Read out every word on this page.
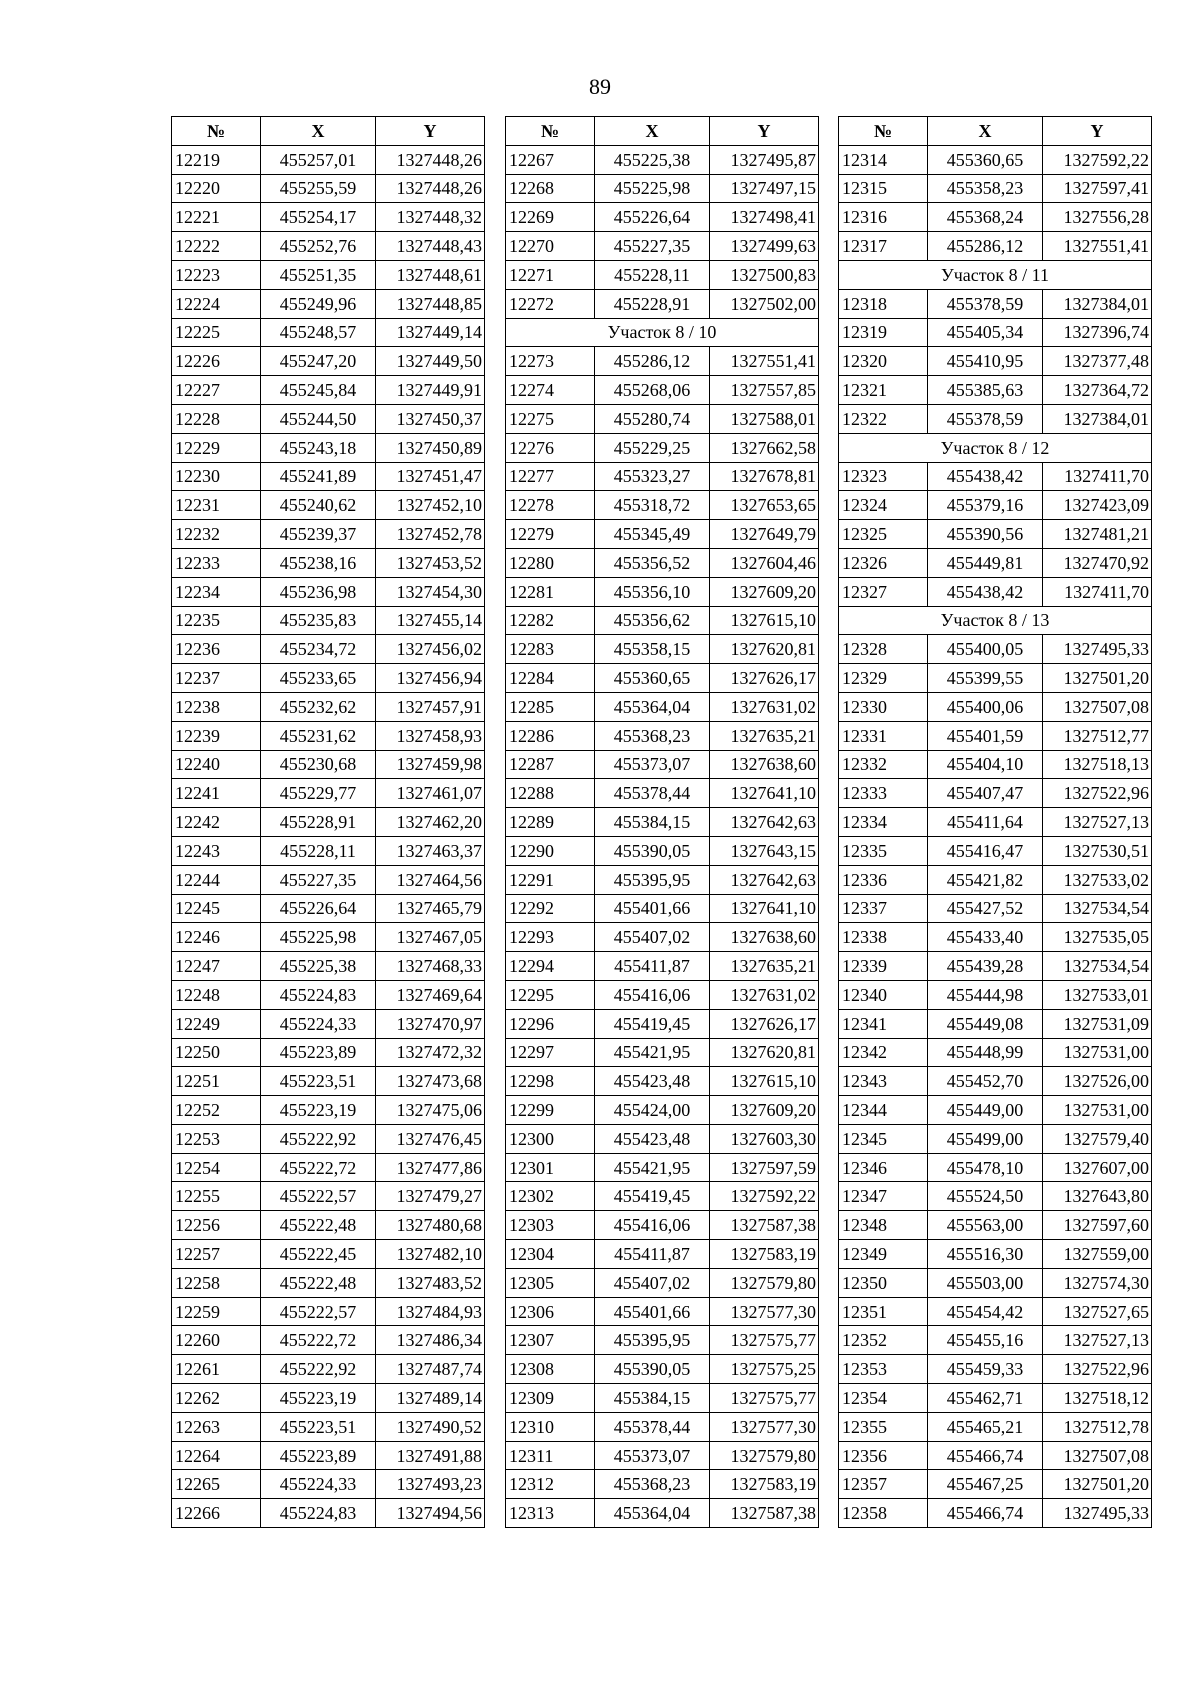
89
№	X	Y
12219	455257,01	1327448,26
12220	455255,59	1327448,26
12221	455254,17	1327448,32
12222	455252,76	1327448,43
12223	455251,35	1327448,61
12224	455249,96	1327448,85
12225	455248,57	1327449,14
12226	455247,20	1327449,50
12227	455245,84	1327449,91
12228	455244,50	1327450,37
12229	455243,18	1327450,89
12230	455241,89	1327451,47
12231	455240,62	1327452,10
12232	455239,37	1327452,78
12233	455238,16	1327453,52
12234	455236,98	1327454,30
12235	455235,83	1327455,14
12236	455234,72	1327456,02
12237	455233,65	1327456,94
12238	455232,62	1327457,91
12239	455231,62	1327458,93
12240	455230,68	1327459,98
12241	455229,77	1327461,07
12242	455228,91	1327462,20
12243	455228,11	1327463,37
12244	455227,35	1327464,56
12245	455226,64	1327465,79
12246	455225,98	1327467,05
12247	455225,38	1327468,33
12248	455224,83	1327469,64
12249	455224,33	1327470,97
12250	455223,89	1327472,32
12251	455223,51	1327473,68
12252	455223,19	1327475,06
12253	455222,92	1327476,45
12254	455222,72	1327477,86
12255	455222,57	1327479,27
12256	455222,48	1327480,68
12257	455222,45	1327482,10
12258	455222,48	1327483,52
12259	455222,57	1327484,93
12260	455222,72	1327486,34
12261	455222,92	1327487,74
12262	455223,19	1327489,14
12263	455223,51	1327490,52
12264	455223,89	1327491,88
12265	455224,33	1327493,23
12266	455224,83	1327494,56
№	X	Y
12267	455225,38	1327495,87
12268	455225,98	1327497,15
12269	455226,64	1327498,41
12270	455227,35	1327499,63
12271	455228,11	1327500,83
12272	455228,91	1327502,00
Участок 8 / 10		
12273	455286,12	1327551,41
12274	455268,06	1327557,85
12275	455280,74	1327588,01
12276	455229,25	1327662,58
12277	455323,27	1327678,81
12278	455318,72	1327653,65
12279	455345,49	1327649,79
12280	455356,52	1327604,46
12281	455356,10	1327609,20
12282	455356,62	1327615,10
12283	455358,15	1327620,81
12284	455360,65	1327626,17
12285	455364,04	1327631,02
12286	455368,23	1327635,21
12287	455373,07	1327638,60
12288	455378,44	1327641,10
12289	455384,15	1327642,63
12290	455390,05	1327643,15
12291	455395,95	1327642,63
12292	455401,66	1327641,10
12293	455407,02	1327638,60
12294	455411,87	1327635,21
12295	455416,06	1327631,02
12296	455419,45	1327626,17
12297	455421,95	1327620,81
12298	455423,48	1327615,10
12299	455424,00	1327609,20
12300	455423,48	1327603,30
12301	455421,95	1327597,59
12302	455419,45	1327592,22
12303	455416,06	1327587,38
12304	455411,87	1327583,19
12305	455407,02	1327579,80
12306	455401,66	1327577,30
12307	455395,95	1327575,77
12308	455390,05	1327575,25
12309	455384,15	1327575,77
12310	455378,44	1327577,30
12311	455373,07	1327579,80
12312	455368,23	1327583,19
12313	455364,04	1327587,38
№	X	Y
12314	455360,65	1327592,22
12315	455358,23	1327597,41
12316	455368,24	1327556,28
12317	455286,12	1327551,41
Участок 8 / 11		
12318	455378,59	1327384,01
12319	455405,34	1327396,74
12320	455410,95	1327377,48
12321	455385,63	1327364,72
12322	455378,59	1327384,01
Участок 8 / 12		
12323	455438,42	1327411,70
12324	455379,16	1327423,09
12325	455390,56	1327481,21
12326	455449,81	1327470,92
12327	455438,42	1327411,70
Участок 8 / 13		
12328	455400,05	1327495,33
12329	455399,55	1327501,20
12330	455400,06	1327507,08
12331	455401,59	1327512,77
12332	455404,10	1327518,13
12333	455407,47	1327522,96
12334	455411,64	1327527,13
12335	455416,47	1327530,51
12336	455421,82	1327533,02
12337	455427,52	1327534,54
12338	455433,40	1327535,05
12339	455439,28	1327534,54
12340	455444,98	1327533,01
12341	455449,08	1327531,09
12342	455448,99	1327531,00
12343	455452,70	1327526,00
12344	455449,00	1327531,00
12345	455499,00	1327579,40
12346	455478,10	1327607,00
12347	455524,50	1327643,80
12348	455563,00	1327597,60
12349	455516,30	1327559,00
12350	455503,00	1327574,30
12351	455454,42	1327527,65
12352	455455,16	1327527,13
12353	455459,33	1327522,96
12354	455462,71	1327518,12
12355	455465,21	1327512,78
12356	455466,74	1327507,08
12357	455467,25	1327501,20
12358	455466,74	1327495,33
